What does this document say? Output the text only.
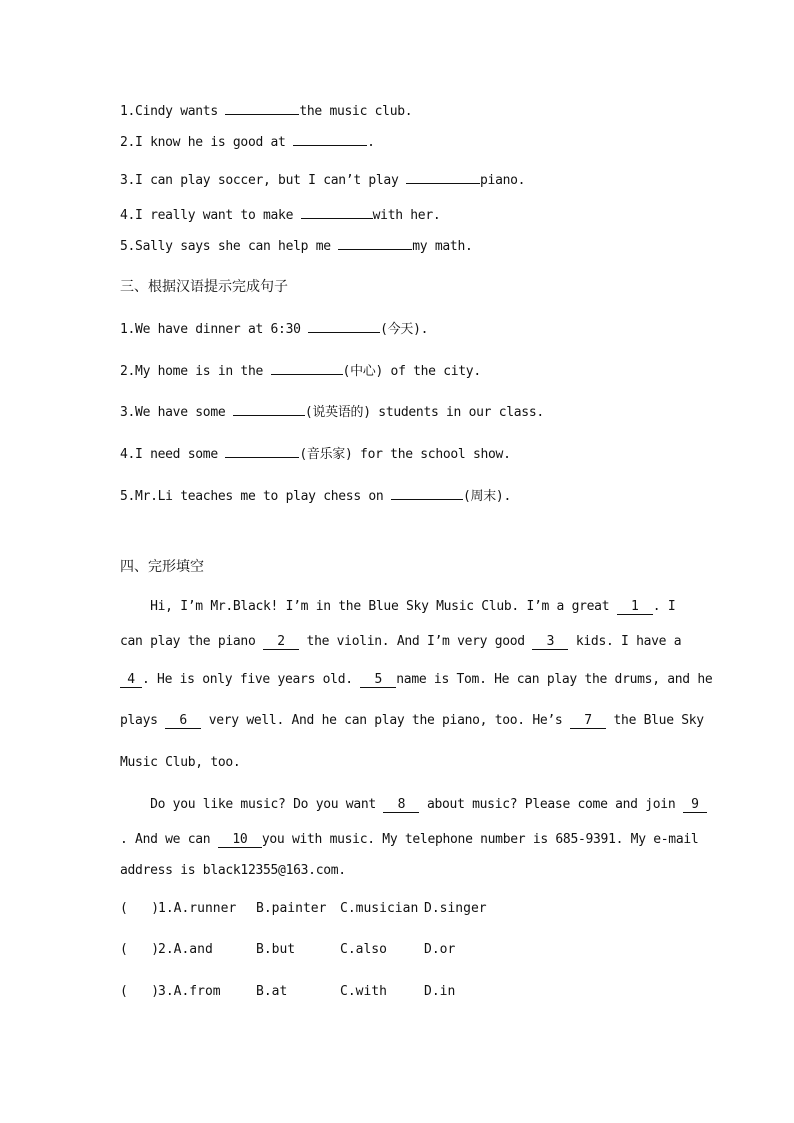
1.Cindy wants	the music club.
2.I know he is good at	.
3.I can play soccer, but I can’t play	piano.
4.I really want to make	with her.
5.Sally says she can help me	my math.
三、根据汉语提示完成句子
1.We have dinner at 6:30	(今天).
2.My home is in the	(中心) of the city.
3.We have some	(说英语的) students in our class.
4.I need some	(音乐家) for the school show.
5.Mr.Li teaches me to play chess on	(周末).
四、完形填空
Hi, I’m Mr.Black! I’m in the Blue Sky Music Club. I’m a great 1 . I
can play the piano 2 the violin. And I’m very good 3 kids. I have a
4 . He is only five years old. 5 name is Tom. He can play the drums, and he
plays 6 very well. And he can play the piano, too. He’s 7 the Blue Sky
Music Club, too.
Do you like music? Do you want 8 about music? Please come and join 9
. And we can 10 you with music. My telephone number is 685-9391. My e-mail
address is black12355@163.com.
(   )1.A.runner B.painter C.musician D.singer
(   )2.A.and	B.but	C.also	D.or
(   )3.A.from	B.at	C.with	D.in
